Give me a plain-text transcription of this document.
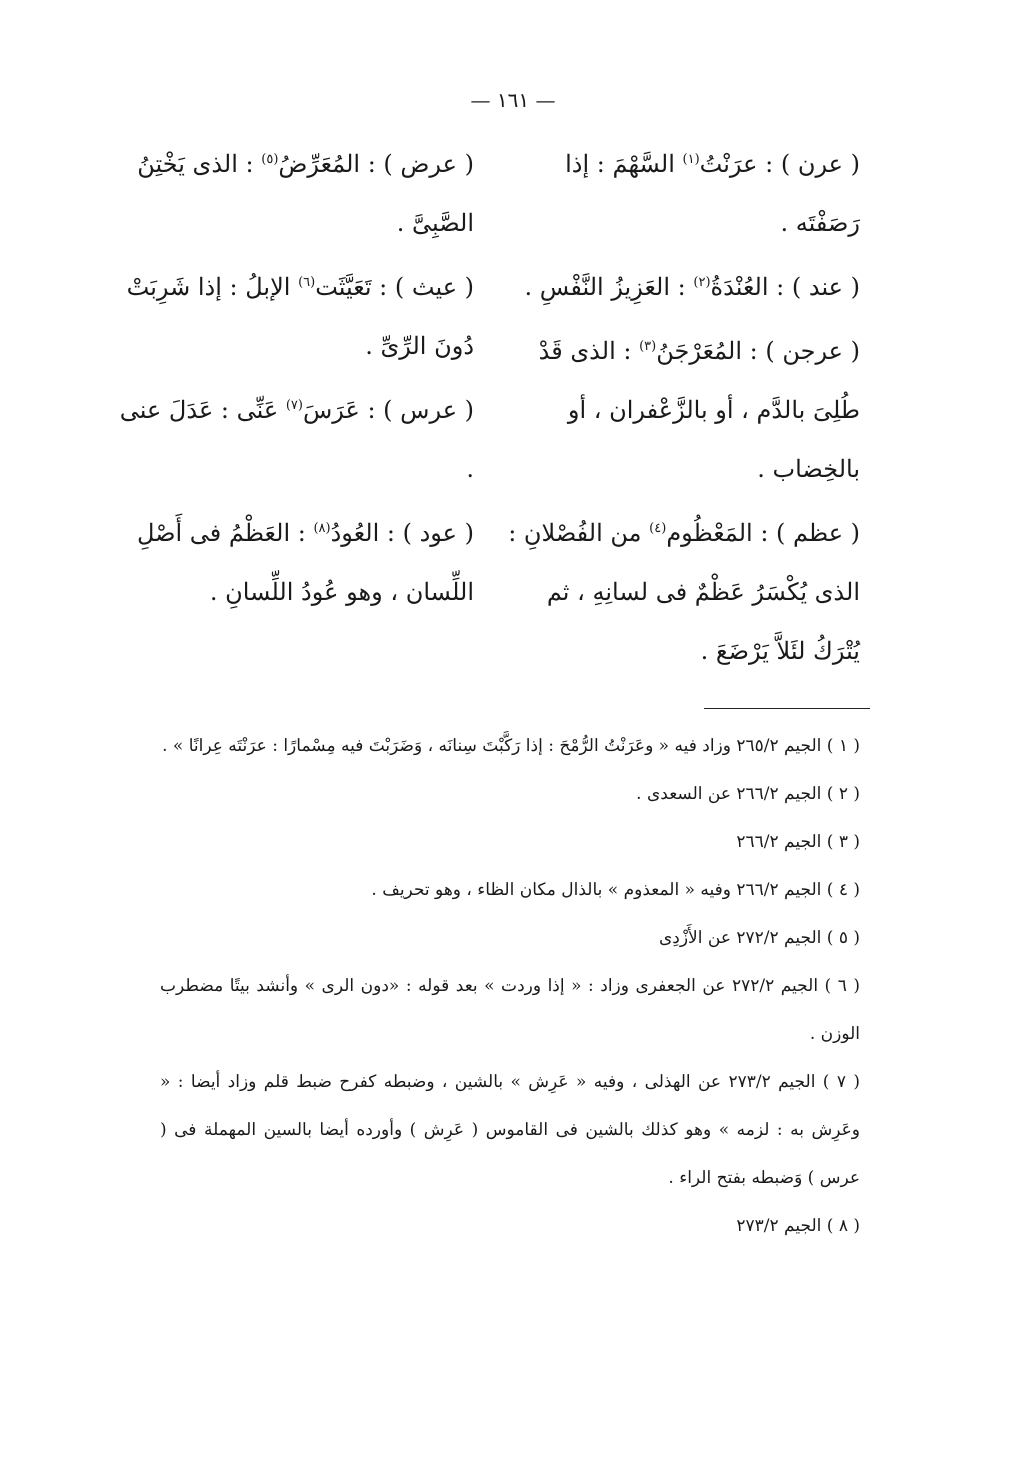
— ١٦١ —

( عرن ) : عرَنْتُ$^{(١)}$ السَّهْمَ : إذا رَصَفْتَه .

( عند ) : العُنْدَةُ$^{(٢)}$ : العَزِيزُ النَّفْسِ .

( عرجن ) : المُعَرْجَنُ$^{(٣)}$ : الذى قَدْ طُلِىَ بالدَّم ، أو بالزَّعْفران ، أو بالخِضاب .

( عظم ) : المَعْظُوم$^{(٤)}$ من الفُصْلانِ : الذى يُكْسَرُ عَظْمٌ فى لسانِهِ ، ثم يُتْرَكُ لئَلاَّ يَرْضَعَ .

( عرض ) : المُعَرِّضُ$^{(٥)}$ : الذى يَخْتِنُ الصَّبِىَّ .

( عيث ) : تَعَيَّثَت$^{(٦)}$ الإبلُ : إذا شَرِبَتْ دُونَ الرِّىِّ .

( عرس ) : عَرَسَ$^{(٧)}$ عَنِّى : عَدَلَ عنى .

( عود ) : العُودُ$^{(٨)}$ : العَظْمُ فى أَصْلِ اللِّسان ، وهو عُودُ اللِّسانِ .

( ١ ) الجيم ٢٦٥/٢ وزاد فيه « وعَرَنْتُ الرُّمْحَ : إذا رَكَّبْتَ سِنانَه ، وَضَرَبْتَ فيه مِسْمارًا : عرَنْتَه عِرانًا » .

( ٢ ) الجيم ٢٦٦/٢ عن السعدى .

( ٣ ) الجيم ٢٦٦/٢

( ٤ ) الجيم ٢٦٦/٢ وفيه « المعذوم » بالذال مكان الظاء ، وهو تحريف .

( ٥ ) الجيم ٢٧٢/٢ عن الأَزْدِى

( ٦ ) الجيم ٢٧٢/٢ عن الجعفرى وزاد : « إذا وردت » بعد قوله : «دون الرى » وأنشد بيتًا مضطرب الوزن .

( ٧ ) الجيم ٢٧٣/٢ عن الهذلى ، وفيه « عَرِش » بالشين ، وضبطه كفرح ضبط قلم وزاد أيضا : « وعَرِش به : لزمه » وهو كذلك بالشين فى القاموس ( عَرِش ) وأورده أيضا بالسين المهملة فى ( عرس ) وَضبطه بفتح الراء .

( ٨ ) الجيم ٢٧٣/٢
